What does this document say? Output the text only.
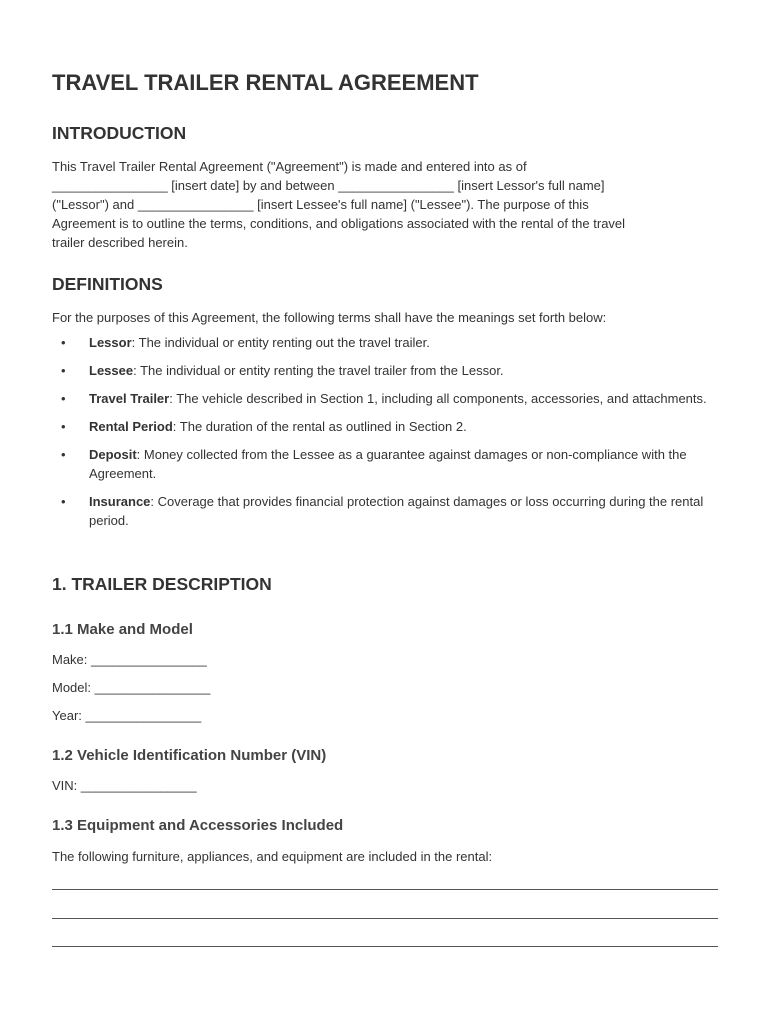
TRAVEL TRAILER RENTAL AGREEMENT
INTRODUCTION
This Travel Trailer Rental Agreement ("Agreement") is made and entered into as of
________________ [insert date] by and between ________________ [insert Lessor's full name]
("Lessor") and ________________ [insert Lessee's full name] ("Lessee"). The purpose of this
Agreement is to outline the terms, conditions, and obligations associated with the rental of the travel
trailer described herein.
DEFINITIONS

For the purposes of this Agreement, the following terms shall have the meanings set forth below:

• Lessor: The individual or entity renting out the travel trailer.
• Lessee: The individual or entity renting the travel trailer from the Lessor.
• Travel Trailer: The vehicle described in Section 1, including all components, accessories, and attachments.
• Rental Period: The duration of the rental as outlined in Section 2.
• Deposit: Money collected from the Lessee as a guarantee against damages or non-compliance with the Agreement.
• Insurance: Coverage that provides financial protection against damages or loss occurring during the rental period.
1. TRAILER DESCRIPTION
1.1 Make and Model

Make: ________________

Model: ________________

Year: ________________

1.2 Vehicle Identification Number (VIN)

VIN: ________________

1.3 Equipment and Accessories Included

The following furniture, appliances, and equipment are included in the rental:
